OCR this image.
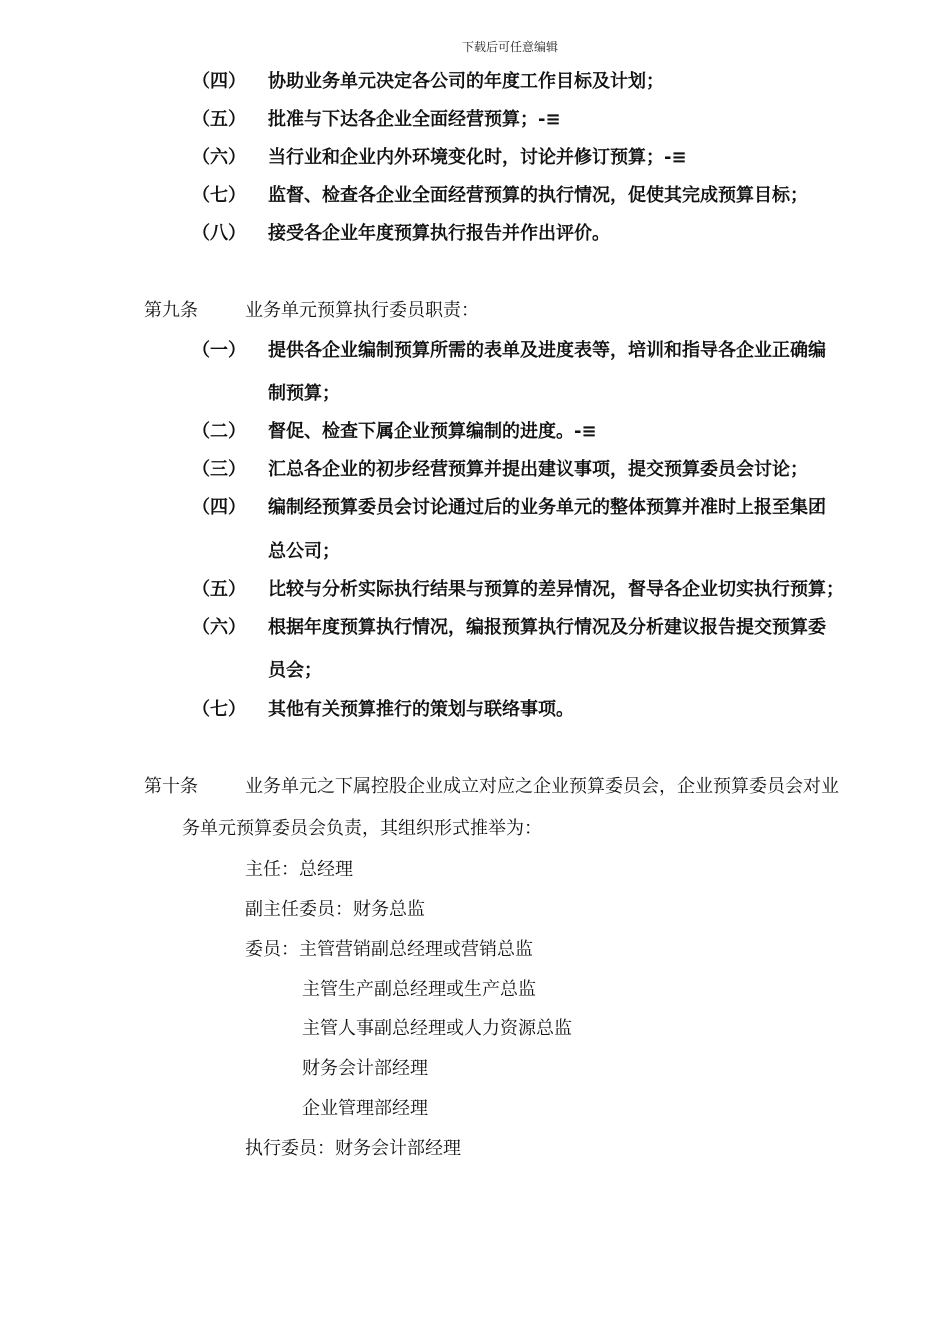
下载后可任意编辑
（四） 协助业务单元决定各公司的年度工作目标及计划；
（五） 批准与下达各企业全面经营预算；-≡
（六） 当行业和企业内外环境变化时，讨论并修订预算；-≡
（七） 监督、检查各企业全面经营预算的执行情况，促使其完成预算目标；
（八） 接受各企业年度预算执行报告并作出评价。
第九条	业务单元预算执行委员职责：
（一） 提供各企业编制预算所需的表单及进度表等，培训和指导各企业正确编
制预算；
（二） 督促、检查下属企业预算编制的进度。-≡
（三） 汇总各企业的初步经营预算并提出建议事项，提交预算委员会讨论；
（四） 编制经预算委员会讨论通过后的业务单元的整体预算并准时上报至集团
总公司；
（五） 比较与分析实际执行结果与预算的差异情况，督导各企业切实执行预算；
（六） 根据年度预算执行情况，编报预算执行情况及分析建议报告提交预算委
员会；
（七） 其他有关预算推行的策划与联络事项。
第十条	业务单元之下属控股企业成立对应之企业预算委员会，企业预算委员会对业
务单元预算委员会负责，其组织形式推举为：
主任：总经理
副主任委员：财务总监
委员：主管营销副总经理或营销总监
主管生产副总经理或生产总监
主管人事副总经理或人力资源总监
财务会计部经理
企业管理部经理
执行委员：财务会计部经理
